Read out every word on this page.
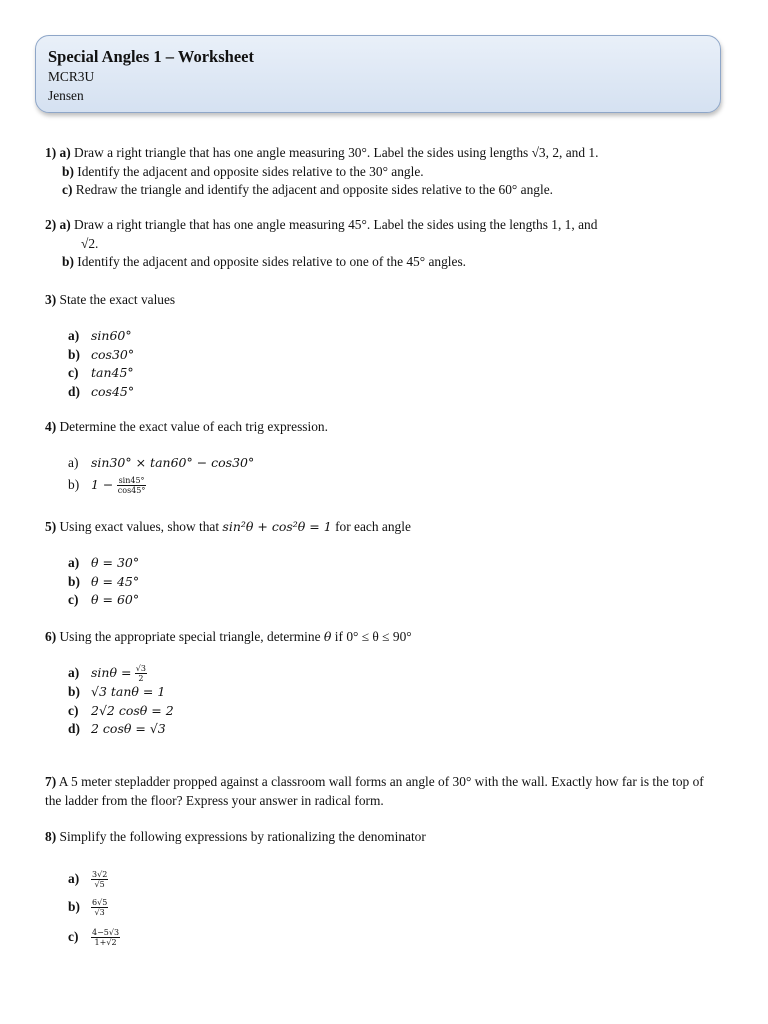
Special Angles 1 – Worksheet
MCR3U
Jensen
1) a) Draw a right triangle that has one angle measuring 30°. Label the sides using lengths √3, 2, and 1.
b) Identify the adjacent and opposite sides relative to the 30° angle.
c) Redraw the triangle and identify the adjacent and opposite sides relative to the 60° angle.
2) a) Draw a right triangle that has one angle measuring 45°. Label the sides using the lengths 1, 1, and
√2.
b) Identify the adjacent and opposite sides relative to one of the 45° angles.
3) State the exact values
a) sin60°
b) cos30°
c) tan45°
d) cos45°
4) Determine the exact value of each trig expression.
a) sin30° × tan60° − cos30°
b) $1 - \frac{\sin 45^\circ}{\cos 45^\circ}$
5) Using exact values, show that sin²θ + cos²θ = 1 for each angle
a) θ = 30°
b) θ = 45°
c) θ = 60°
6) Using the appropriate special triangle, determine θ if 0° ≤ θ ≤ 90°
a) $\sin\theta = \frac{√3}{2}$
b) √3 tanθ = 1
c) 2√2 cosθ = 2
d) 2 cosθ = √3
7) A 5 meter stepladder propped against a classroom wall forms an angle of 30° with the wall. Exactly how far is the top of the ladder from the floor? Express your answer in radical form.
8) Simplify the following expressions by rationalizing the denominator
$a) \frac{3√2}{√5}$
$b) \frac{6√5}{√3}$
$c) \frac{4-5√3}{1+√2}$
